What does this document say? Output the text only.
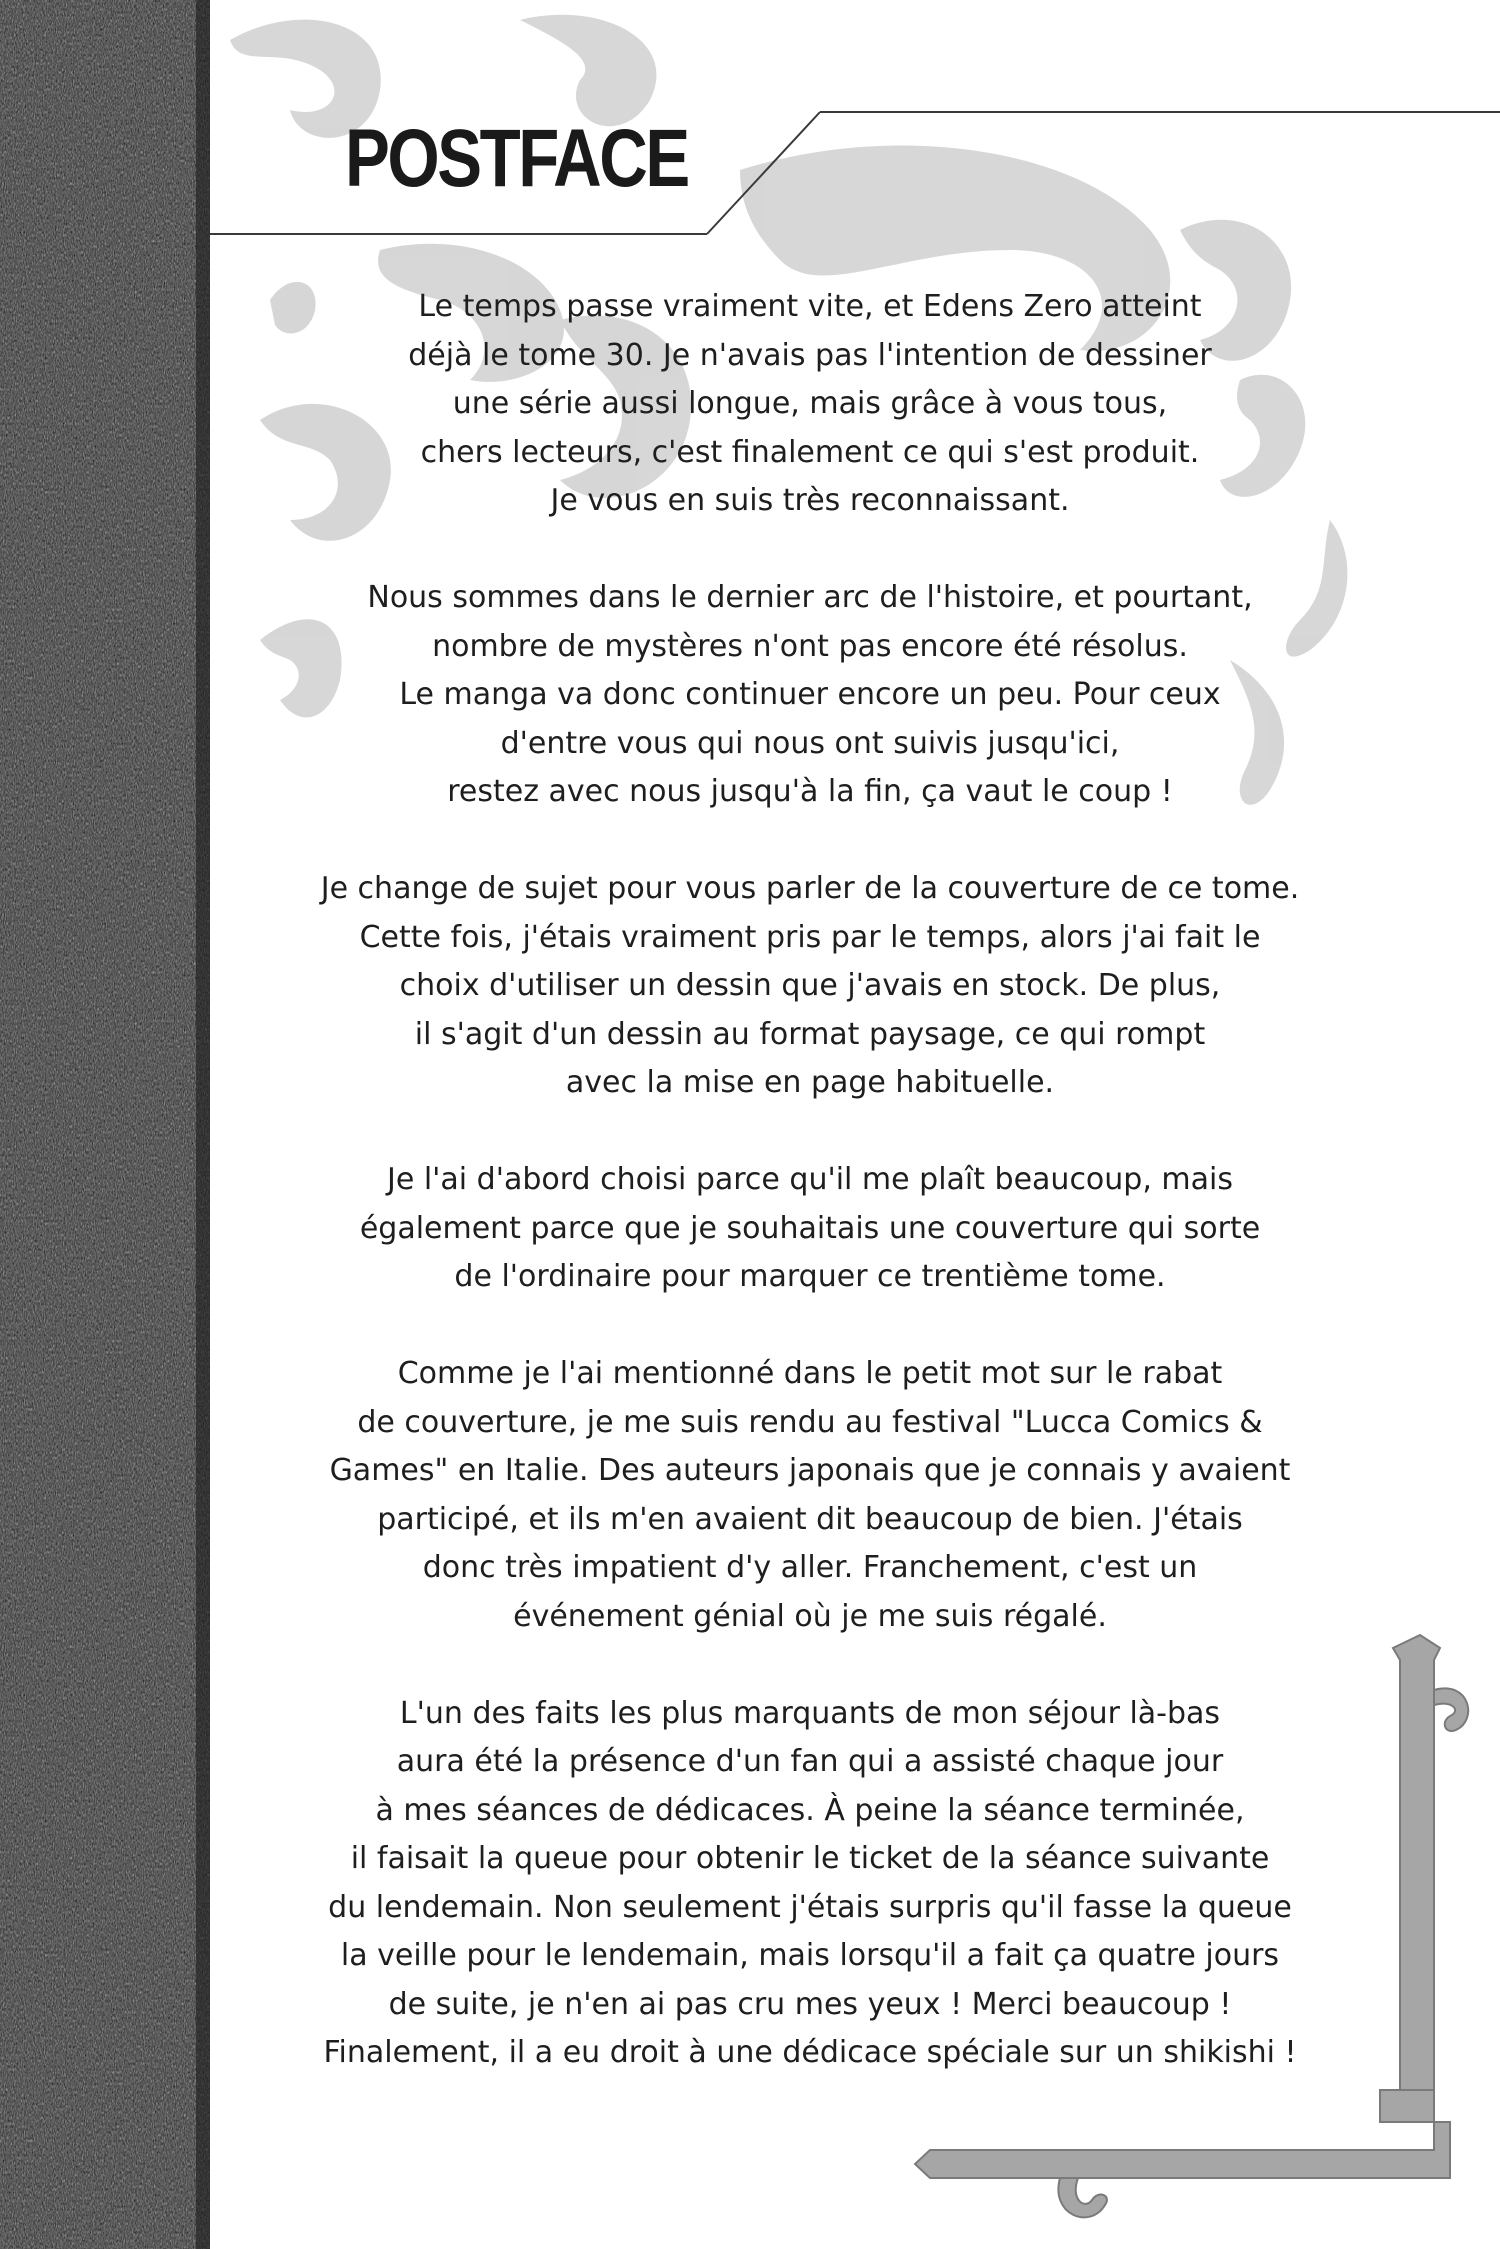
POSTFACE

Le temps passe vraiment vite, et Edens Zero atteint
déjà le tome 30. Je n'avais pas l'intention de dessiner
une série aussi longue, mais grâce à vous tous,
chers lecteurs, c'est finalement ce qui s'est produit.
Je vous en suis très reconnaissant.

Nous sommes dans le dernier arc de l'histoire, et pourtant,
nombre de mystères n'ont pas encore été résolus.
Le manga va donc continuer encore un peu. Pour ceux
d'entre vous qui nous ont suivis jusqu'ici,
restez avec nous jusqu'à la fin, ça vaut le coup !

Je change de sujet pour vous parler de la couverture de ce tome.
Cette fois, j'étais vraiment pris par le temps, alors j'ai fait le
choix d'utiliser un dessin que j'avais en stock. De plus,
il s'agit d'un dessin au format paysage, ce qui rompt
avec la mise en page habituelle.

Je l'ai d'abord choisi parce qu'il me plaît beaucoup, mais
également parce que je souhaitais une couverture qui sorte
de l'ordinaire pour marquer ce trentième tome.

Comme je l'ai mentionné dans le petit mot sur le rabat
de couverture, je me suis rendu au festival "Lucca Comics &
Games" en Italie. Des auteurs japonais que je connais y avaient
participé, et ils m'en avaient dit beaucoup de bien. J'étais
donc très impatient d'y aller. Franchement, c'est un
événement génial où je me suis régalé.

L'un des faits les plus marquants de mon séjour là-bas
aura été la présence d'un fan qui a assisté chaque jour
à mes séances de dédicaces. À peine la séance terminée,
il faisait la queue pour obtenir le ticket de la séance suivante
du lendemain. Non seulement j'étais surpris qu'il fasse la queue
la veille pour le lendemain, mais lorsqu'il a fait ça quatre jours
de suite, je n'en ai pas cru mes yeux ! Merci beaucoup !
Finalement, il a eu droit à une dédicace spéciale sur un shikishi !
